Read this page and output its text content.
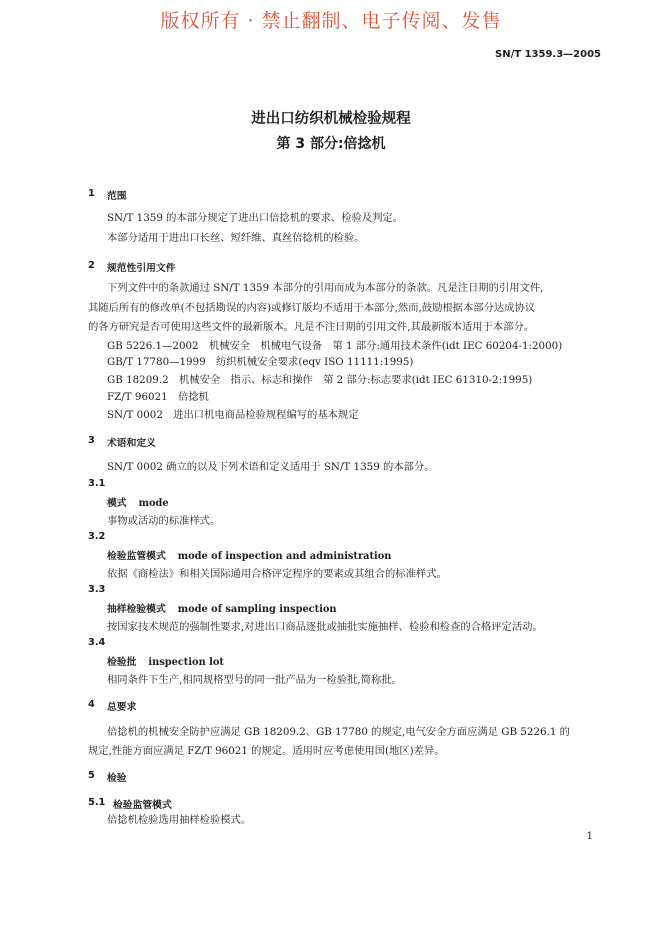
版权所有 · 禁止翻制、电子传阅、发售
SN/T 1359.3—2005
进出口纺织机械检验规程
第 3 部分:倍捻机
1 范围
SN/T 1359 的本部分规定了进出口倍捻机的要求、检验及判定。
本部分适用于进出口长丝、短纤维、真丝倍捻机的检验。
2 规范性引用文件
下列文件中的条款通过 SN/T 1359 本部分的引用而成为本部分的条款。凡是注日期的引用文件,
其随后所有的修改单(不包括勘误的内容)或修订版均不适用于本部分,然而,鼓励根据本部分达成协议
的各方研究是否可使用这些文件的最新版本。凡是不注日期的引用文件,其最新版本适用于本部分。
GB 5226.1—2002　机械安全　机械电气设备　第 1 部分:通用技术条件(idt IEC 60204-1:2000)
GB/T 17780—1999　纺织机械安全要求(eqv ISO 11111:1995)
GB 18209.2　机械安全　指示、标志和操作　第 2 部分:标志要求(idt IEC 61310-2:1995)
FZ/T 96021　倍捻机
SN/T 0002　进出口机电商品检验规程编写的基本规定
3 术语和定义
SN/T 0002 确立的以及下列术语和定义适用于 SN/T 1359 的本部分。
3.1
模式 mode
事物或活动的标准样式。
3.2
检验监管模式 mode of inspection and administration
依据《商检法》和相关国际通用合格评定程序的要素或其组合的标准样式。
3.3
抽样检验模式 mode of sampling inspection
按国家技术规范的强制性要求,对进出口商品逐批或抽批实施抽样、检验和检查的合格评定活动。
3.4
检验批 inspection lot
相同条件下生产,相同规格型号的同一批产品为一检验批,简称批。
4 总要求
倍捻机的机械安全防护应满足 GB 18209.2、GB 17780 的规定,电气安全方面应满足 GB 5226.1 的
规定,性能方面应满足 FZ/T 96021 的规定。适用时应考虑使用国(地区)差异。
5 检验
5.1 检验监管模式
倍捻机检验选用抽样检验模式。
1
